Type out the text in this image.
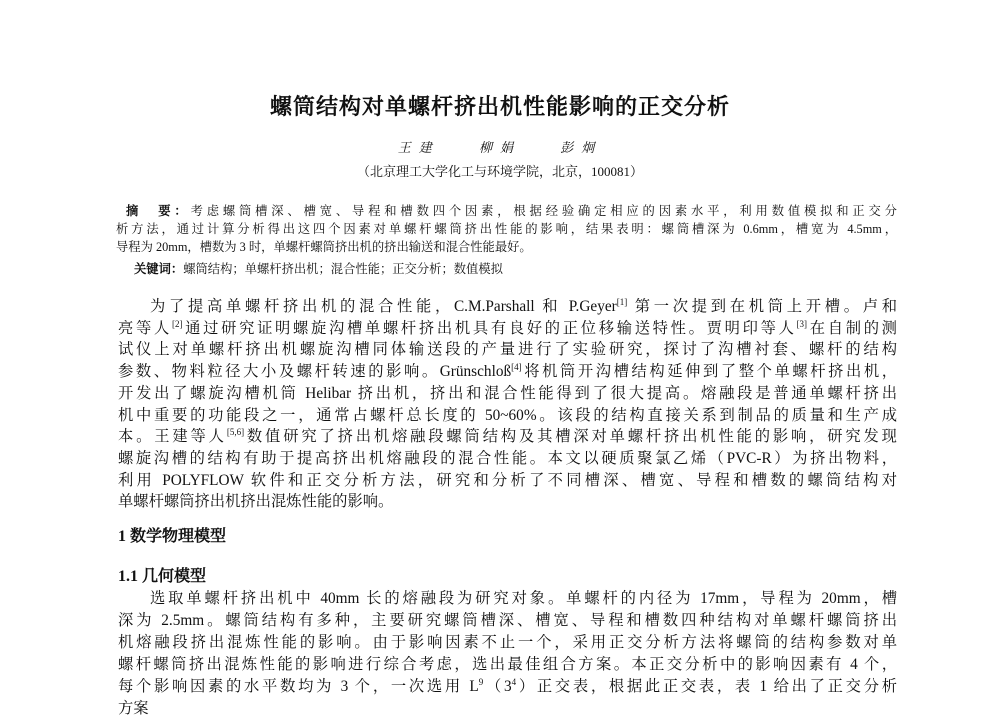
螺筒结构对单螺杆挤出机性能影响的正交分析
王建 柳娟 彭炯
（北京理工大学化工与环境学院，北京，100081）
摘　要：考虑螺筒槽深、槽宽、导程和槽数四个因素，根据经验确定相应的因素水平，利用数值模拟和正交分
析方法，通过计算分析得出这四个因素对单螺杆螺筒挤出性能的影响，结果表明：螺筒槽深为 0.6mm，槽宽为 4.5mm，
导程为 20mm，槽数为 3 时，单螺杆螺筒挤出机的挤出输送和混合性能最好。
关键词：螺筒结构；单螺杆挤出机；混合性能；正交分析；数值模拟
为了提高单螺杆挤出机的混合性能，C.M.Parshall 和 P.Geyer[1] 第一次提到在机筒上开槽。卢和
亮等人[2]通过研究证明螺旋沟槽单螺杆挤出机具有良好的正位移输送特性。贾明印等人[3]在自制的测
试仪上对单螺杆挤出机螺旋沟槽同体输送段的产量进行了实验研究，探讨了沟槽衬套、螺杆的结构
参数、物料粒径大小及螺杆转速的影响。Grünschloß[4]将机筒开沟槽结构延伸到了整个单螺杆挤出机，
开发出了螺旋沟槽机筒 Helibar 挤出机，挤出和混合性能得到了很大提高。熔融段是普通单螺杆挤出
机中重要的功能段之一，通常占螺杆总长度的 50~60%。该段的结构直接关系到制品的质量和生产成
本。王建等人[5,6]数值研究了挤出机熔融段螺筒结构及其槽深对单螺杆挤出机性能的影响，研究发现
螺旋沟槽的结构有助于提高挤出机熔融段的混合性能。本文以硬质聚氯乙烯（PVC-R）为挤出物料，
利用 POLYFLOW 软件和正交分析方法，研究和分析了不同槽深、槽宽、导程和槽数的螺筒结构对
单螺杆螺筒挤出机挤出混炼性能的影响。
1 数学物理模型
1.1 几何模型
选取单螺杆挤出机中 40mm 长的熔融段为研究对象。单螺杆的内径为 17mm，导程为 20mm，槽
深为 2.5mm。螺筒结构有多种，主要研究螺筒槽深、槽宽、导程和槽数四种结构对单螺杆螺筒挤出
机熔融段挤出混炼性能的影响。由于影响因素不止一个，采用正交分析方法将螺筒的结构参数对单
螺杆螺筒挤出混炼性能的影响进行综合考虑，选出最佳组合方案。本正交分析中的影响因素有 4 个，
每个影响因素的水平数均为 3 个，一次选用 $L^9(3^4)$正交表，根据此正交表，表 1 给出了正交分析
方案
